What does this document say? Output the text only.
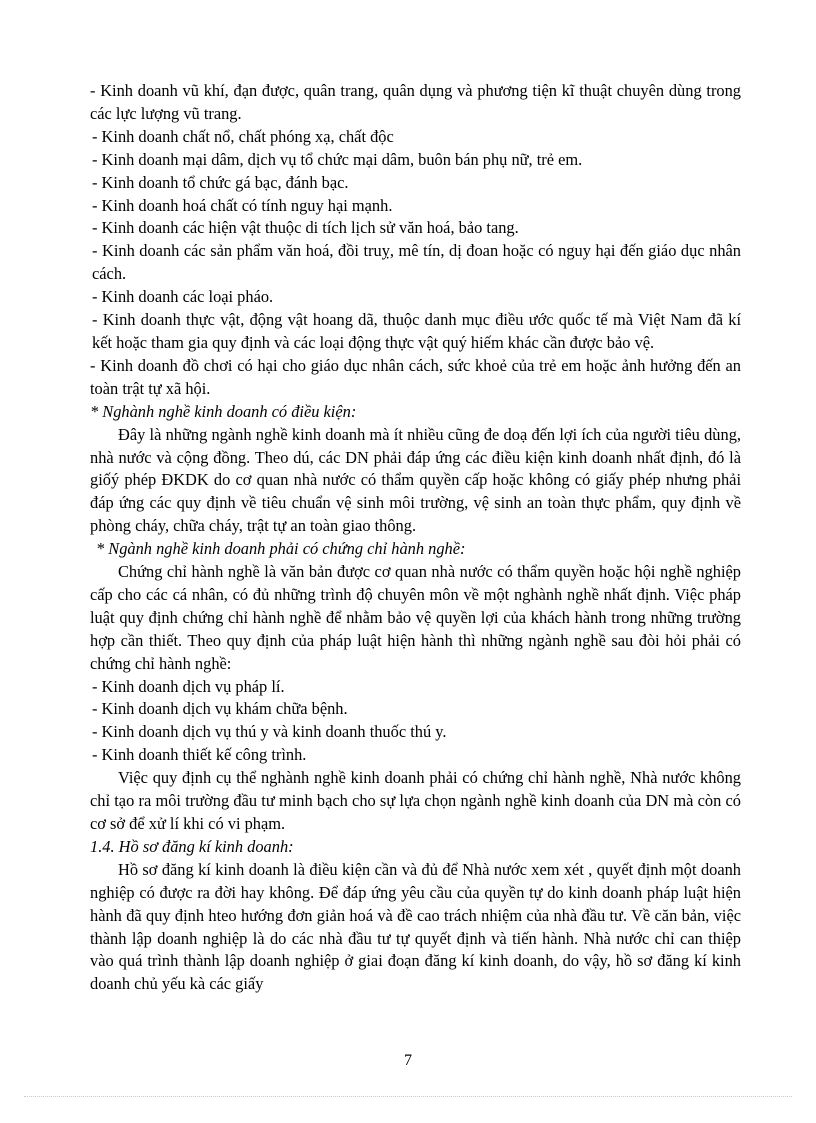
- Kinh doanh vũ khí, đạn được, quân trang, quân dụng và phương tiện kĩ thuật chuyên dùng trong các lực lượng vũ trang.

- Kinh doanh chất nổ, chất phóng xạ, chất độc

- Kinh doanh mại dâm, dịch vụ tổ chức mại dâm, buôn bán phụ nữ, trẻ em.

- Kinh doanh tổ chức gá bạc, đánh bạc.

- Kinh doanh hoá chất có tính nguy hại mạnh.

- Kinh doanh các hiện vật thuộc di tích lịch sử văn hoá, bảo tang.

- Kinh doanh các sản phẩm văn hoá, đồi truỵ, mê tín, dị đoan hoặc có nguy hại đến giáo dục nhân cách.

- Kinh doanh các loại pháo.

- Kinh doanh thực vật, động vật hoang dã, thuộc danh mục điều ước quốc tế mà Việt Nam đã kí kết hoặc tham gia quy định và các loại động thực vật quý hiếm khác cần được bảo vệ.

- Kinh doanh đồ chơi có hại cho giáo dục nhân cách, sức khoẻ của trẻ em hoặc ảnh hưởng đến an toàn trật tự xã hội.

* Nghành nghề kinh doanh có điều kiện:

Đây là những ngành nghề kinh doanh mà ít nhiều cũng đe doạ đến lợi ích của người tiêu dùng, nhà nước và cộng đồng. Theo dú, các DN phải đáp ứng các điều kiện kinh doanh nhất định, đó là giốý phép ĐKDK do cơ quan nhà nước có thẩm quyền cấp hoặc không có giấy phép nhưng phải đáp ứng các quy định về tiêu chuẩn vệ sinh môi trường, vệ sinh an toàn thực phẩm, quy định về phòng cháy, chữa cháy, trật tự an toàn giao thông.

* Ngành nghề kinh doanh phải có chứng chỉ hành nghề:

Chứng chỉ hành nghề là văn bản được cơ quan nhà nước có thẩm quyền hoặc hội nghề nghiệp cấp cho các cá nhân, có đủ những trình độ chuyên môn về một nghành nghề nhất định. Việc pháp luật quy định chứng chỉ hành nghề để nhằm bảo vệ quyền lợi của khách hành trong những trường hợp cần thiết. Theo quy định của pháp luật hiện hành thì những ngành nghề sau đòi hỏi phải có chứng chỉ hành nghề:

- Kinh doanh dịch vụ pháp lí.

- Kinh doanh dịch vụ khám chữa bệnh.

- Kinh doanh dịch vụ thú y và kinh doanh thuốc thú y.

- Kinh doanh thiết kế công trình.

Việc quy định cụ thể nghành nghề kinh doanh phải có chứng chỉ hành nghề, Nhà nước không chỉ tạo ra môi trường đầu tư minh bạch cho sự lựa chọn ngành nghề kinh doanh của DN mà còn có cơ sở để xử lí khi có vi phạm.

1.4. Hồ sơ đăng kí kinh doanh:

Hồ sơ đăng kí kinh doanh là điều kiện cần và đủ để Nhà nước xem xét , quyết định một doanh nghiệp có được ra đời hay không. Để đáp ứng yêu cầu của quyền tự do kinh doanh pháp luật hiện hành đã quy định hteo hướng đơn giản hoá và đề cao trách nhiệm của nhà đầu tư. Về căn bản, việc thành lập doanh nghiệp là do các nhà đầu tư tự quyết định và tiến hành. Nhà nước chỉ can thiệp vào quá trình thành lập doanh nghiệp ở giai đoạn đăng kí kinh doanh, do vậy, hồ sơ đăng kí kinh doanh chủ yếu kà các giấy

7
